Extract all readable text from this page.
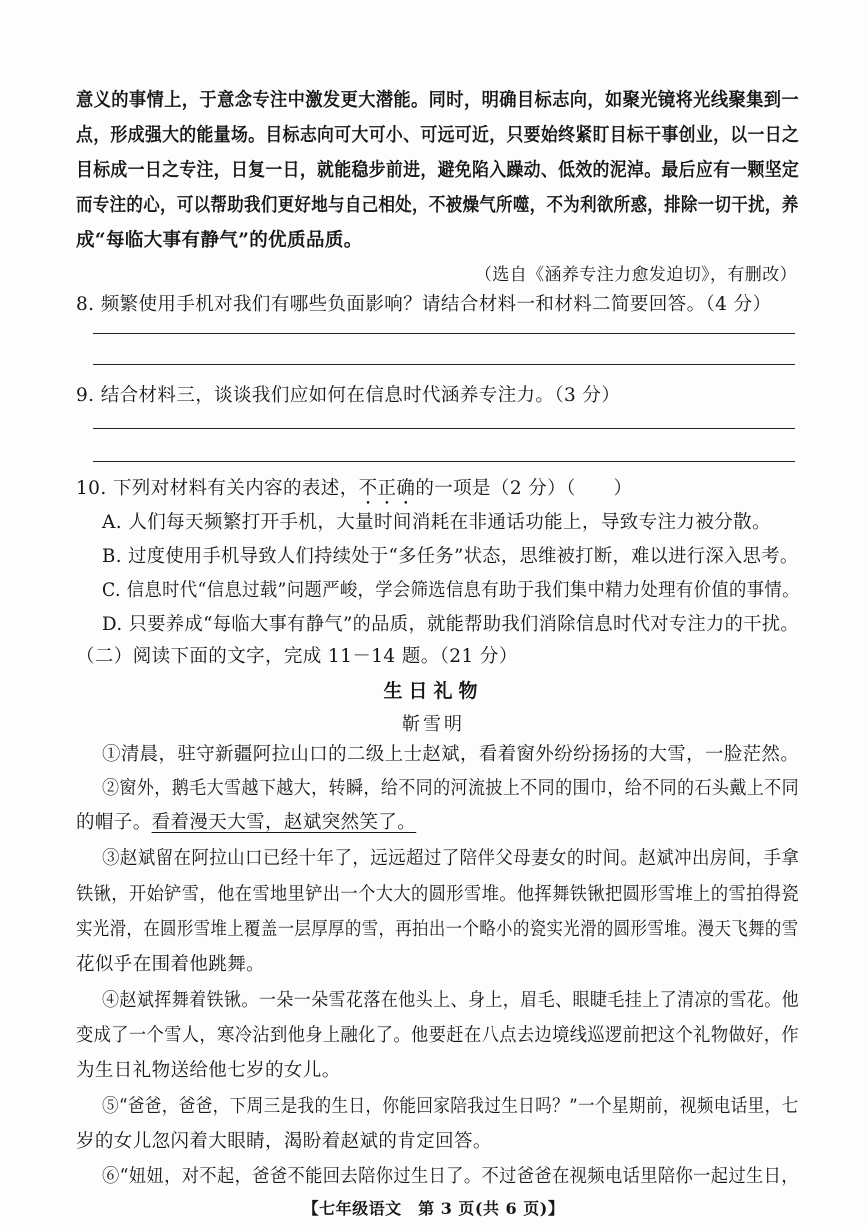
意义的事情上，于意念专注中激发更大潜能。同时，明确目标志向，如聚光镜将光线聚集到一
点，形成强大的能量场。目标志向可大可小、可远可近，只要始终紧盯目标干事创业，以一日之
目标成一日之专注，日复一日，就能稳步前进，避免陷入躁动、低效的泥淖。最后应有一颗坚定
而专注的心，可以帮助我们更好地与自己相处，不被燥气所噬，不为利欲所惑，排除一切干扰，养
成“每临大事有静气”的优质品质。
（选自《涵养专注力愈发迫切》，有删改）
8. 频繁使用手机对我们有哪些负面影响？请结合材料一和材料二简要回答。（4 分）
9. 结合材料三，谈谈我们应如何在信息时代涵养专注力。（3 分）
10. 下列对材料有关内容的表述，不正确的一项是（2 分）（　　）
A. 人们每天频繁打开手机，大量时间消耗在非通话功能上，导致专注力被分散。
B. 过度使用手机导致人们持续处于“多任务”状态，思维被打断，难以进行深入思考。
C. 信息时代“信息过载”问题严峻，学会筛选信息有助于我们集中精力处理有价值的事情。
D. 只要养成“每临大事有静气”的品质，就能帮助我们消除信息时代对专注力的干扰。
（二）阅读下面的文字，完成 11－14 题。（21 分）
生日礼物
靳雪明
①清晨，驻守新疆阿拉山口的二级上士赵斌，看着窗外纷纷扬扬的大雪，一脸茫然。
②窗外，鹅毛大雪越下越大，转瞬，给不同的河流披上不同的围巾，给不同的石头戴上不同
的帽子。看着漫天大雪，赵斌突然笑了。
③赵斌留在阿拉山口已经十年了，远远超过了陪伴父母妻女的时间。赵斌冲出房间，手拿
铁锹，开始铲雪，他在雪地里铲出一个大大的圆形雪堆。他挥舞铁锹把圆形雪堆上的雪拍得瓷
实光滑，在圆形雪堆上覆盖一层厚厚的雪，再拍出一个略小的瓷实光滑的圆形雪堆。漫天飞舞的雪
花似乎在围着他跳舞。
④赵斌挥舞着铁锹。一朵一朵雪花落在他头上、身上，眉毛、眼睫毛挂上了清凉的雪花。他
变成了一个雪人，寒冷沾到他身上融化了。他要赶在八点去边境线巡逻前把这个礼物做好，作
为生日礼物送给他七岁的女儿。
⑤“爸爸，爸爸，下周三是我的生日，你能回家陪我过生日吗？”一个星期前，视频电话里，七
岁的女儿忽闪着大眼睛，渴盼着赵斌的肯定回答。
⑥“妞妞，对不起，爸爸不能回去陪你过生日了。不过爸爸在视频电话里陪你一起过生日，
【七年级语文　第 3 页(共 6 页)】
